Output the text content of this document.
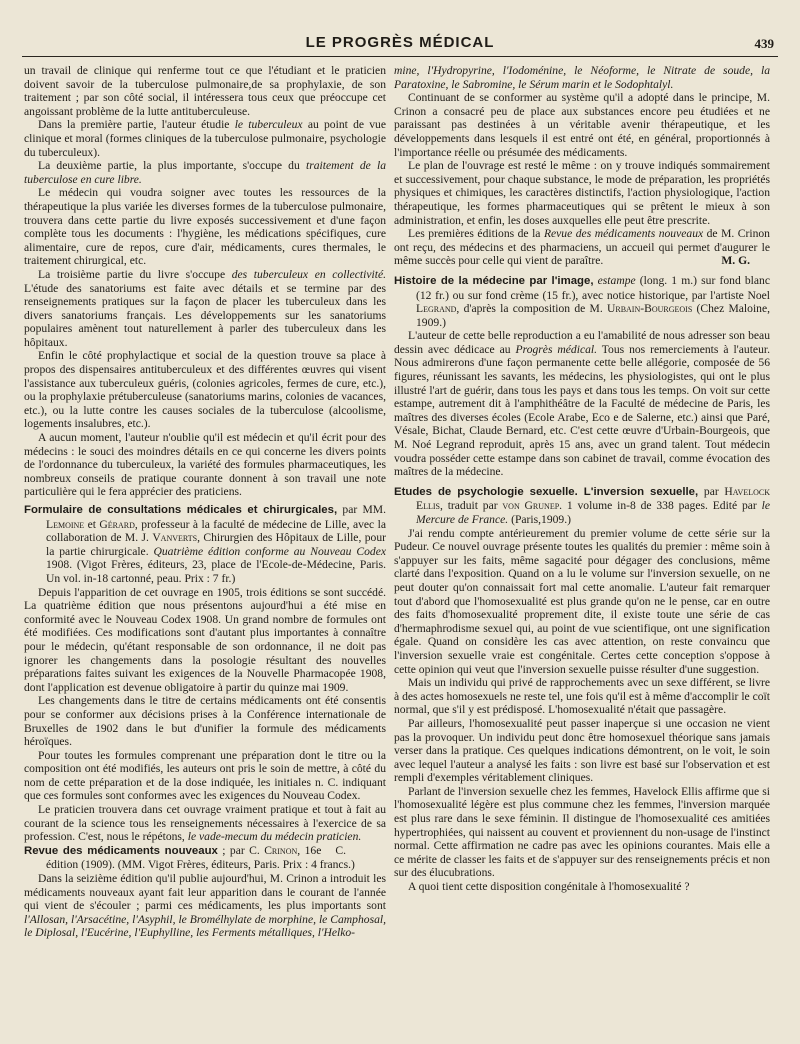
LE PROGRÈS MÉDICAL	439

un travail de clinique qui renferme tout ce que l'étudiant et le praticien doivent savoir de la tuberculose pulmonaire,de sa prophylaxie, de son traitement ; par son côté social, il intéressera tous ceux que préoccupe cet angoissant problème de la lutte antituberculeuse.

Dans la première partie, l'auteur étudie le tuberculeux au point de vue clinique et moral (formes cliniques de la tuberculose pulmonaire, psychologie du tuberculeux).

La deuxième partie, la plus importante, s'occupe du traitement de la tuberculose en cure libre.

Le médecin qui voudra soigner avec toutes les ressources de la thérapeutique la plus variée les diverses formes de la tuberculose pulmonaire, trouvera dans cette partie du livre exposés successivement et d'une façon complète tous les documents : l'hygiène, les médications spécifiques, cure alimentaire, cure de repos, cure d'air, médicaments, cures thermales, le traitement chirurgical, etc.

La troisième partie du livre s'occupe des tuberculeux en collectivité. L'étude des sanatoriums est faite avec détails et se termine par des renseignements pratiques sur la façon de placer les tuberculeux dans les divers sanatoriums français. Les développements sur les sanatoriums populaires amènent tout naturellement à parler des tuberculeux dans les hôpitaux.

Enfin le côté prophylactique et social de la question trouve sa place à propos des dispensaires antituberculeux et des différentes œuvres qui visent l'assistance aux tuberculeux guéris, (colonies agricoles, fermes de cure, etc.), ou la prophylaxie prétuberculeuse (sanatoriums marins, colonies de vacances, etc.), ou la lutte contre les causes sociales de la tuberculose (alcoolisme, logements insalubres, etc.).

A aucun moment, l'auteur n'oublie qu'il est médecin et qu'il écrit pour des médecins : le souci des moindres détails en ce qui concerne les divers points de l'ordonnance du tuberculeux, la variété des formules pharmaceutiques, les nombreux conseils de pratique courante donnent à son travail une note particulière qui le fera apprécier des praticiens.

Formulaire de consultations médicales et chirurgicales, par MM. Lemoine et Gérard, professeur à la faculté de médecine de Lille, avec la collaboration de M. J. Vanverts, Chirurgien des Hôpitaux de Lille, pour la partie chirurgicale. Quatrième édition conforme au Nouveau Codex 1908. (Vigot Frères, éditeurs, 23, place de l'Ecole-de-Médecine, Paris. Un vol. in-18 cartonné, peau. Prix : 7 fr.)

Depuis l'apparition de cet ouvrage en 1905, trois éditions se sont succédé. La quatrième édition que nous présentons aujourd'hui a été mise en conformité avec le Nouveau Codex 1908. Un grand nombre de formules ont été modifiées. Ces modifications sont d'autant plus importantes à connaître pour le médecin, qu'étant responsable de son ordonnance, il ne doit pas ignorer les changements dans la posologie résultant des nouvelles préparations faites suivant les exigences de la Nouvelle Pharmacopée 1908, dont l'application est devenue obligatoire à partir du quinze mai 1909.

Les changements dans le titre de certains médicaments ont été consentis pour se conformer aux décisions prises à la Conférence internationale de Bruxelles de 1902 dans le but d'unifier la formule des médicaments héroïques.

Pour toutes les formules comprenant une préparation dont le titre ou la composition ont été modifiés, les auteurs ont pris le soin de mettre, à côté du nom de cette préparation et de la dose indiquée, les initiales n. C. indiquant que ces formules sont conformes avec les exigences du Nouveau Codex.

Le praticien trouvera dans cet ouvrage vraiment pratique et tout à fait au courant de la science tous les renseignements nécessaires à l'exercice de sa profession. C'est, nous le répétons, le vade-mecum du médecin praticien.
C.

Revue des médicaments nouveaux ; par C. Crinon, 16e édition (1909). (MM. Vigot Frères, éditeurs, Paris. Prix : 4 francs.)

Dans la seizième édition qu'il publie aujourd'hui, M. Crinon a introduit les médicaments nouveaux ayant fait leur apparition dans le courant de l'année qui vient de s'écouler ; parmi ces médicaments, les plus importants sont l'Allosan, l'Arsacétine, l'Asyphil, le Bromélhylate de morphine, le Camphosal, le Diplosal, l'Eucérine, l'Euphylline, les Ferments métalliques, l'Helko-

mine, l'Hydropyrine, l'Iodoménine, le Néoforme, le Nitrate de soude, la Paratoxine, le Sabromine, le Sérum marin et le Sodophtalyl.

Continuant de se conformer au système qu'il a adopté dans le principe, M. Crinon a consacré peu de place aux substances encore peu étudiées et ne paraissant pas destinées à un véritable avenir thérapeutique, et les développements dans lesquels il est entré ont été, en général, proportionnés à l'importance réelle ou présumée des médicaments.

Le plan de l'ouvrage est resté le même : on y trouve indiqués sommairement et successivement, pour chaque substance, le mode de préparation, les propriétés physiques et chimiques, les caractères distinctifs, l'action physiologique, l'action thérapeutique, les formes pharmaceutiques qui se prêtent le mieux à son administration, et enfin, les doses auxquelles elle peut être prescrite.

Les premières éditions de la Revue des médicaments nouveaux de M. Crinon ont reçu, des médecins et des pharmaciens, un accueil qui permet d'augurer le même succès pour celle qui vient de paraître.	M. G.

Histoire de la médecine par l'image, estampe (long. 1 m.) sur fond blanc (12 fr.) ou sur fond crème (15 fr.), avec notice historique, par l'artiste Noel Legrand, d'après la composition de M. Urbain-Bourgeois (Chez Maloine, 1909.)

L'auteur de cette belle reproduction a eu l'amabilité de nous adresser son beau dessin avec dédicace au Progrès médical. Tous nos remerciements à l'auteur. Nous admirerons d'une façon permanente cette belle allégorie, composée de 56 figures, réunissant les savants, les médecins, les physiologistes, qui ont le plus illustré l'art de guérir, dans tous les pays et dans tous les temps. On voit sur cette estampe, autrement dit à l'amphithéâtre de la Faculté de médecine de Paris, les maîtres des diverses écoles (Ecole Arabe, Eco e de Salerne, etc.) ainsi que Paré, Vésale, Bichat, Claude Bernard, etc. C'est cette œuvre d'Urbain-Bourgeois, que M. Noé Legrand reproduit, après 15 ans, avec un grand talent. Tout médecin voudra posséder cette estampe dans son cabinet de travail, comme évocation des maîtres de la médecine.

Etudes de psychologie sexuelle. L'inversion sexuelle, par Havelock Ellis, traduit par von Grunep. 1 volume in-8 de 338 pages. Edité par le Mercure de France. (Paris,1909.)

J'ai rendu compte antérieurement du premier volume de cette série sur la Pudeur. Ce nouvel ouvrage présente toutes les qualités du premier : même soin à s'appuyer sur les faits, même sagacité pour dégager des conclusions, même clarté dans l'exposition. Quand on a lu le volume sur l'inversion sexuelle, on ne peut douter qu'on connaissait fort mal cette anomalie. L'auteur fait remarquer tout d'abord que l'homosexualité est plus grande qu'on ne le pense, car en outre des faits d'homosexualité proprement dite, il existe toute une série de cas d'hermaphrodisme sexuel qui, au point de vue scientifique, ont une signification égale. Quand on considère les cas avec attention, on reste convaincu que l'inversion sexuelle vraie est congénitale. Certes cette conception s'oppose à cette opinion qui veut que l'inversion sexuelle puisse résulter d'une suggestion.

Mais un individu qui privé de rapprochements avec un sexe différent, se livre à des actes homosexuels ne reste tel, une fois qu'il est à même d'accomplir le coït normal, que s'il y est prédisposé. L'homosexualité n'était que passagère.

Par ailleurs, l'homosexualité peut passer inaperçue si une occasion ne vient pas la provoquer. Un individu peut donc être homosexuel théorique sans jamais verser dans la pratique. Ces quelques indications démontrent, on le voit, le soin avec lequel l'auteur a analysé les faits : son livre est basé sur l'observation et est rempli d'exemples véritablement cliniques.

Parlant de l'inversion sexuelle chez les femmes, Havelock Ellis affirme que si l'homosexualité légère est plus commune chez les femmes, l'inversion marquée est plus rare dans le sexe féminin. Il distingue de l'homosexualité ces amitiées hypertrophiées, qui naissent au couvent et proviennent du non-usage de l'instinct normal. Cette affirmation ne cadre pas avec les opinions courantes. Mais elle a ce mérite de classer les faits et de s'appuyer sur des renseignements précis et non sur des élucubrations.

A quoi tient cette disposition congénitale à l'homosexualité ?
